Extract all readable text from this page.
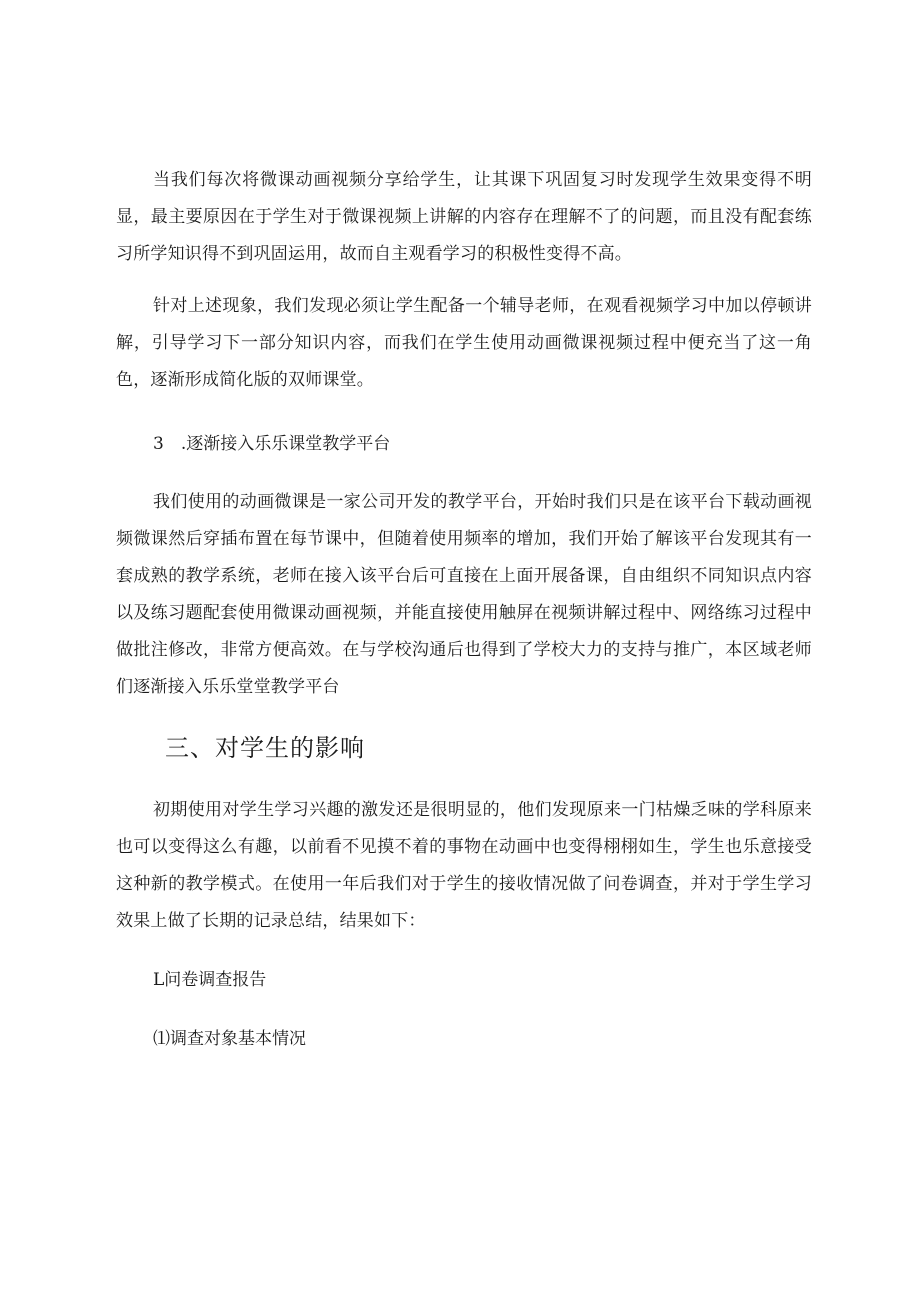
当我们每次将微课动画视频分享给学生，让其课下巩固复习时发现学生效果变得不明显，最主要原因在于学生对于微课视频上讲解的内容存在理解不了的问题，而且没有配套练习所学知识得不到巩固运用，故而自主观看学习的积极性变得不高。

针对上述现象，我们发现必须让学生配备一个辅导老师，在观看视频学习中加以停顿讲解，引导学习下一部分知识内容，而我们在学生使用动画微课视频过程中便充当了这一角色，逐渐形成简化版的双师课堂。

3 .逐渐接入乐乐课堂教学平台

我们使用的动画微课是一家公司开发的教学平台，开始时我们只是在该平台下载动画视频微课然后穿插布置在每节课中，但随着使用频率的增加，我们开始了解该平台发现其有一套成熟的教学系统，老师在接入该平台后可直接在上面开展备课，自由组织不同知识点内容以及练习题配套使用微课动画视频，并能直接使用触屏在视频讲解过程中、网络练习过程中做批注修改，非常方便高效。在与学校沟通后也得到了学校大力的支持与推广，本区域老师们逐渐接入乐乐堂堂教学平台

三、对学生的影响

初期使用对学生学习兴趣的激发还是很明显的，他们发现原来一门枯燥乏味的学科原来也可以变得这么有趣，以前看不见摸不着的事物在动画中也变得栩栩如生，学生也乐意接受这种新的教学模式。在使用一年后我们对于学生的接收情况做了问卷调查，并对于学生学习效果上做了长期的记录总结，结果如下：

L问卷调查报告

⑴调查对象基本情况
